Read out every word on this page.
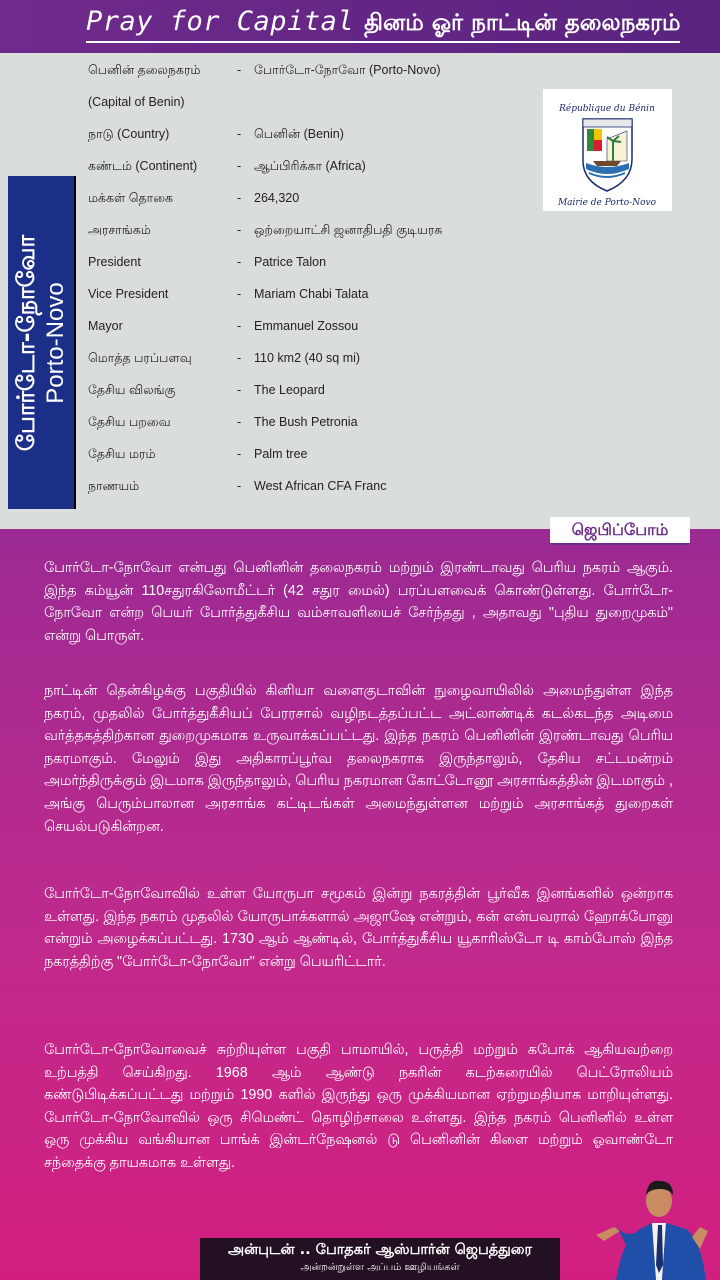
Pray for Capital தினம் ஓர் நாட்டின் தலைநகரம்
போர்டோ-நோவோ Porto-Novo
பெனின் தலைநகரம்	- போர்டோ-நோவோ (Porto-Novo)
(Capital of Benin)
நாடு (Country)	- பெனின் (Benin)
கண்டம் (Continent)	- ஆப்பிரிக்கா (Africa)
மக்கள் தொகை	- 264,320
அரசாங்கம்	- ஒற்றையாட்சி ஜனாதிபதி குடியரசு
President	- Patrice Talon
Vice President	- Mariam Chabi Talata
Mayor	- Emmanuel Zossou
மொத்த பரப்பளவு	- 110 km2 (40 sq mi)
தேசிய விலங்கு	- The Leopard
தேசிய பறவை	- The Bush Petronia
தேசிய மரம்	- Palm tree
நாணயம்	- West African CFA Franc
République du Bénin
Mairie de Porto-Novo
ஜெபிப்போம்
போர்டோ-நோவோ என்பது பெனினின் தலைநகரம் மற்றும் இரண்டாவது பெரிய நகரம் ஆகும். இந்த கம்யூன் 110சதுரகிலோமீட்டர் (42 சதுர மைல்) பரப்பளவைக் கொண்டுள்ளது. போர்டோ-நோவோ என்ற பெயர் போர்த்துகீசிய வம்சாவளியைச் சேர்ந்தது , அதாவது "புதிய துறைமுகம்" என்று பொருள்.
நாட்டின் தென்கிழக்கு பகுதியில் கினியா வளைகுடாவின் நுழைவாயிலில் அமைந்துள்ள இந்த நகரம், முதலில் போர்த்துகீசியப் பேரரசால் வழிநடத்தப்பட்ட அட்லாண்டிக் கடல்கடந்த அடிமை வர்த்தகத்திற்கான துறைமுகமாக உருவாக்கப்பட்டது. இந்த நகரம் பெனினின் இரண்டாவது பெரிய நகரமாகும். மேலும் இது அதிகாரப்பூர்வ தலைநகராக இருந்தாலும், தேசிய சட்டமன்றம் அமர்ந்திருக்கும் இடமாக இருந்தாலும், பெரிய நகரமான கோட்டோனூ அரசாங்கத்தின் இடமாகும் , அங்கு பெரும்பாலான அரசாங்க கட்டிடங்கள் அமைந்துள்ளன மற்றும் அரசாங்கத் துறைகள் செயல்படுகின்றன.
போர்டோ-நோவோவில் உள்ள யோருபா சமூகம் இன்று நகரத்தின் பூர்வீக இனங்களில் ஒன்றாக உள்ளது. இந்த நகரம் முதலில் யோருபாக்களால் அஜாஷே என்றும், கன் என்பவரால் ஹோக்போனு என்றும் அழைக்கப்பட்டது. 1730 ஆம் ஆண்டில், போர்த்துகீசிய யூகாரிஸ்டோ டி காம்போஸ் இந்த நகரத்திற்கு "போர்டோ-நோவோ" என்று பெயரிட்டார்.
போர்டோ-நோவோவைச் சுற்றியுள்ள பகுதி பாமாயில், பருத்தி மற்றும் கபோக் ஆகியவற்றை உற்பத்தி செய்கிறது. 1968 ஆம் ஆண்டு நகரின் கடற்கரையில் பெட்ரோலியம் கண்டுபிடிக்கப்பட்டது மற்றும் 1990 களில் இருந்து ஒரு முக்கியமான ஏற்றுமதியாக மாறியுள்ளது. போர்டோ-நோவோவில் ஒரு சிமெண்ட் தொழிற்சாலை உள்ளது. இந்த நகரம் பெனினில் உள்ள ஒரு முக்கிய வங்கியான பாங்க் இன்டர்நேஷனல் டு பெனினின் கிளை மற்றும் ஓவாண்டோ சந்தைக்கு தாயகமாக உள்ளது.
அன்புடன் .. போதகர் ஆஸ்பார்ன் ஜெபத்துரை
அன்றன்றுள்ள அப்பம் ஊழியங்கள்
